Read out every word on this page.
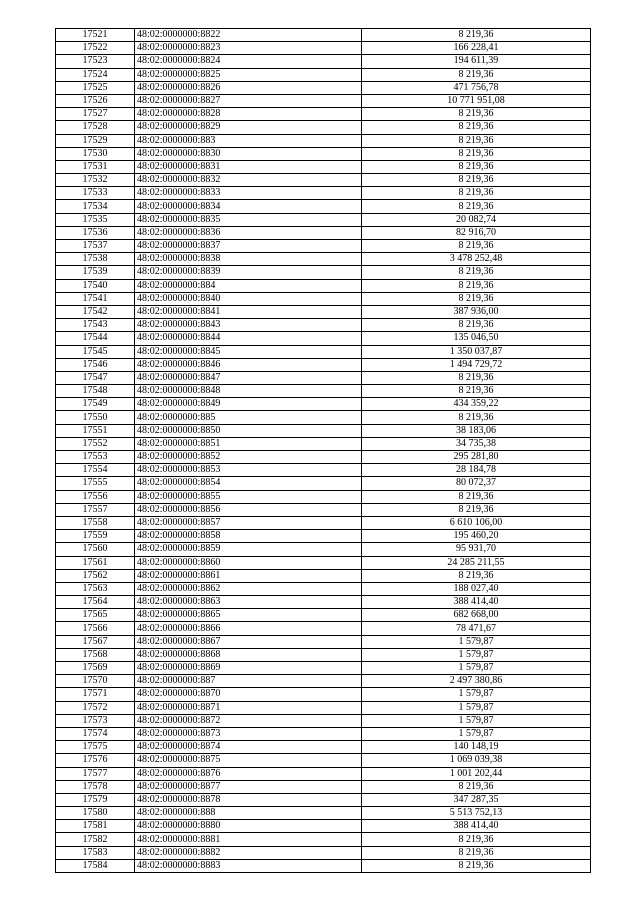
17521	48:02:0000000:8822	8 219,36
17522	48:02:0000000:8823	166 228,41
17523	48:02:0000000:8824	194 611,39
17524	48:02:0000000:8825	8 219,36
17525	48:02:0000000:8826	471 756,78
17526	48:02:0000000:8827	10 771 951,08
17527	48:02:0000000:8828	8 219,36
17528	48:02:0000000:8829	8 219,36
17529	48:02:0000000:883	8 219,36
17530	48:02:0000000:8830	8 219,36
17531	48:02:0000000:8831	8 219,36
17532	48:02:0000000:8832	8 219,36
17533	48:02:0000000:8833	8 219,36
17534	48:02:0000000:8834	8 219,36
17535	48:02:0000000:8835	20 082,74
17536	48:02:0000000:8836	82 916,70
17537	48:02:0000000:8837	8 219,36
17538	48:02:0000000:8838	3 478 252,48
17539	48:02:0000000:8839	8 219,36
17540	48:02:0000000:884	8 219,36
17541	48:02:0000000:8840	8 219,36
17542	48:02:0000000:8841	387 936,00
17543	48:02:0000000:8843	8 219,36
17544	48:02:0000000:8844	135 046,50
17545	48:02:0000000:8845	1 350 037,87
17546	48:02:0000000:8846	1 494 729,72
17547	48:02:0000000:8847	8 219,36
17548	48:02:0000000:8848	8 219,36
17549	48:02:0000000:8849	434 359,22
17550	48:02:0000000:885	8 219,36
17551	48:02:0000000:8850	38 183,06
17552	48:02:0000000:8851	34 735,38
17553	48:02:0000000:8852	295 281,80
17554	48:02:0000000:8853	28 184,78
17555	48:02:0000000:8854	80 072,37
17556	48:02:0000000:8855	8 219,36
17557	48:02:0000000:8856	8 219,36
17558	48:02:0000000:8857	6 610 106,00
17559	48:02:0000000:8858	195 460,20
17560	48:02:0000000:8859	95 931,70
17561	48:02:0000000:8860	24 285 211,55
17562	48:02:0000000:8861	8 219,36
17563	48:02:0000000:8862	188 027,40
17564	48:02:0000000:8863	388 414,40
17565	48:02:0000000:8865	682 668,00
17566	48:02:0000000:8866	78 471,67
17567	48:02:0000000:8867	1 579,87
17568	48:02:0000000:8868	1 579,87
17569	48:02:0000000:8869	1 579,87
17570	48:02:0000000:887	2 497 380,86
17571	48:02:0000000:8870	1 579,87
17572	48:02:0000000:8871	1 579,87
17573	48:02:0000000:8872	1 579,87
17574	48:02:0000000:8873	1 579,87
17575	48:02:0000000:8874	140 148,19
17576	48:02:0000000:8875	1 069 039,38
17577	48:02:0000000:8876	1 001 202,44
17578	48:02:0000000:8877	8 219,36
17579	48:02:0000000:8878	347 287,35
17580	48:02:0000000:888	5 513 752,13
17581	48:02:0000000:8880	388 414,40
17582	48:02:0000000:8881	8 219,36
17583	48:02:0000000:8882	8 219,36
17584	48:02:0000000:8883	8 219,36
